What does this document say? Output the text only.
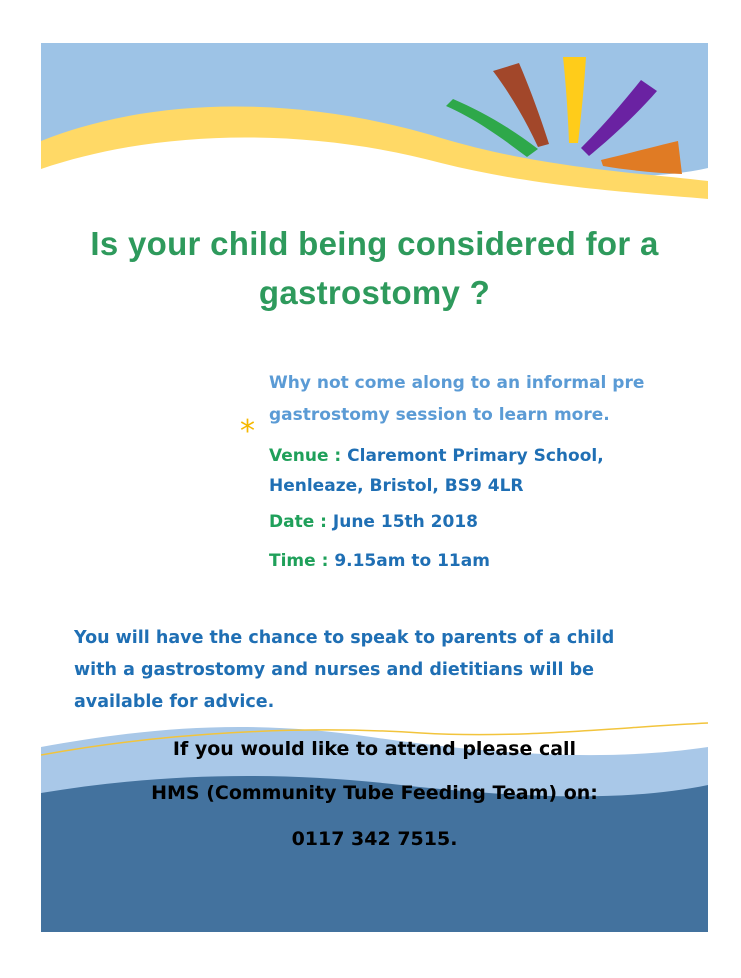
Is your child being considered for a
gastrostomy ?
*

Why not come along to an informal pre
gastrostomy session to learn more.

Venue : Claremont Primary School,
Henleaze, Bristol, BS9 4LR

Date : June 15th 2018

Time : 9.15am to 11am

You will have the chance to speak to parents of a child
with a gastrostomy and nurses and dietitians will be
available for advice.

If you would like to attend please call
HMS (Community Tube Feeding Team) on:
0117 342 7515.
